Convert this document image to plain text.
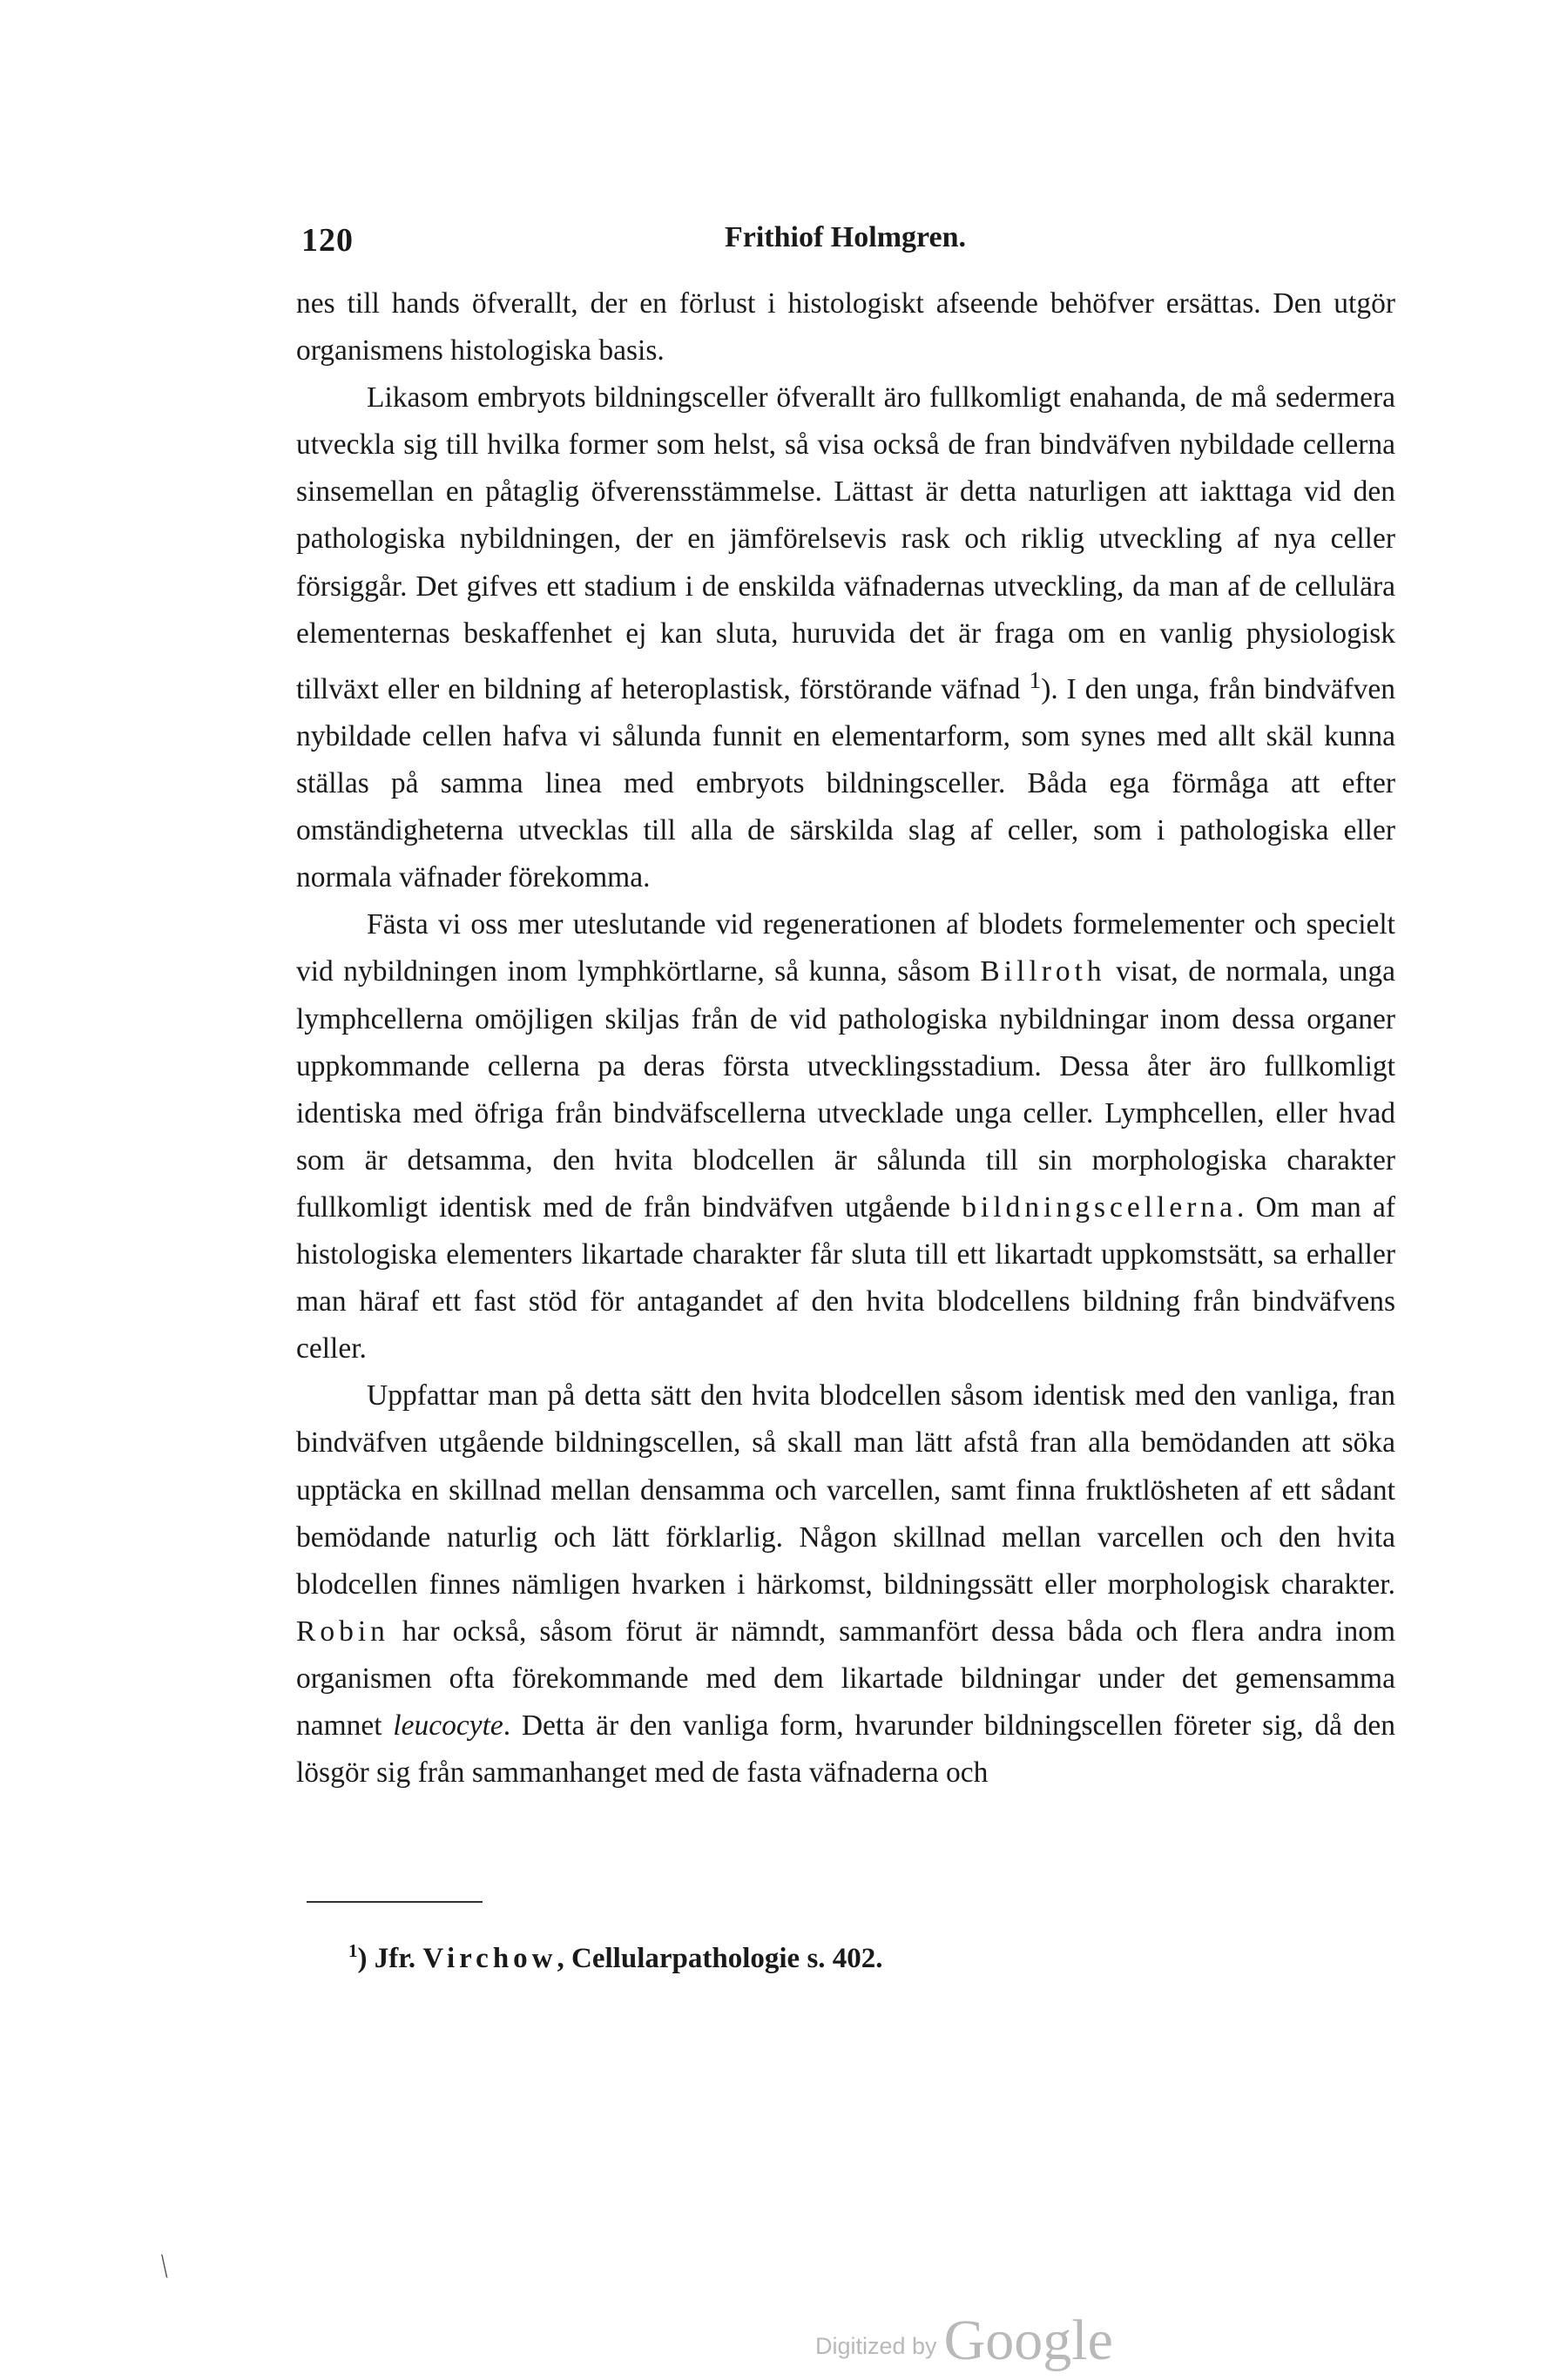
120	Frithiof Holmgren.

nes till hands öfverallt, der en förlust i histologiskt afseende behöfver ersättas. Den utgör organismens histologiska basis.

Likasom embryots bildningsceller öfverallt äro fullkomligt enahanda, de må sedermera utveckla sig till hvilka former som helst, så visa också de fran bindväfven nybildade cellerna sinsemellan en påtaglig öfverensstämmelse. Lättast är detta naturligen att iakttaga vid den pathologiska nybildningen, der en jämförelsevis rask och riklig utveckling af nya celler försiggår. Det gifves ett stadium i de enskilda väfnadernas utveckling, da man af de cellulära elementernas beskaffenhet ej kan sluta, huruvida det är fraga om en vanlig physiologisk tillväxt eller en bildning af heteroplastisk, förstörande väfnad $^1$). I den unga, från bindväfven nybildade cellen hafva vi sålunda funnit en elementarform, som synes med allt skäl kunna ställas på samma linea med embryots bildningsceller. Båda ega förmåga att efter omständigheterna utvecklas till alla de särskilda slag af celler, som i pathologiska eller normala väfnader förekomma.

Fästa vi oss mer uteslutande vid regenerationen af blodets formelementer och specielt vid nybildningen inom lymphkörtlarne, så kunna, såsom Billroth visat, de normala, unga lymphcellerna omöjligen skiljas från de vid pathologiska nybildningar inom dessa organer uppkommande cellerna pa deras första utvecklingsstadium. Dessa åter äro fullkomligt identiska med öfriga från bindväfscellerna utvecklade unga celler. Lymphcellen, eller hvad som är detsamma, den hvita blodcellen är sålunda till sin morphologiska charakter fullkomligt identisk med de från bindväfven utgående bildningscellerna. Om man af histologiska elementers likartade charakter får sluta till ett likartadt uppkomstsätt, sa erhaller man häraf ett fast stöd för antagandet af den hvita blodcellens bildning från bindväfvens celler.

Uppfattar man på detta sätt den hvita blodcellen såsom identisk med den vanliga, fran bindväfven utgående bildningscellen, så skall man lätt afstå fran alla bemödanden att söka upptäcka en skillnad mellan densamma och varcellen, samt finna fruktlösheten af ett sådant bemödande naturlig och lätt förklarlig. Någon skillnad mellan varcellen och den hvita blodcellen finnes nämligen hvarken i härkomst, bildningssätt eller morphologisk charakter. Robin har också, såsom förut är nämndt, sammanfört dessa båda och flera andra inom organismen ofta förekommande med dem likartade bildningar under det gemensamma namnet leucocyte. Detta är den vanliga form, hvarunder bildningscellen företer sig, då den lösgör sig från sammanhanget med de fasta väfnaderna och

$^1$) Jfr. Virchow, Cellularpathologie s. 402.
⟍
Digitized by Google
